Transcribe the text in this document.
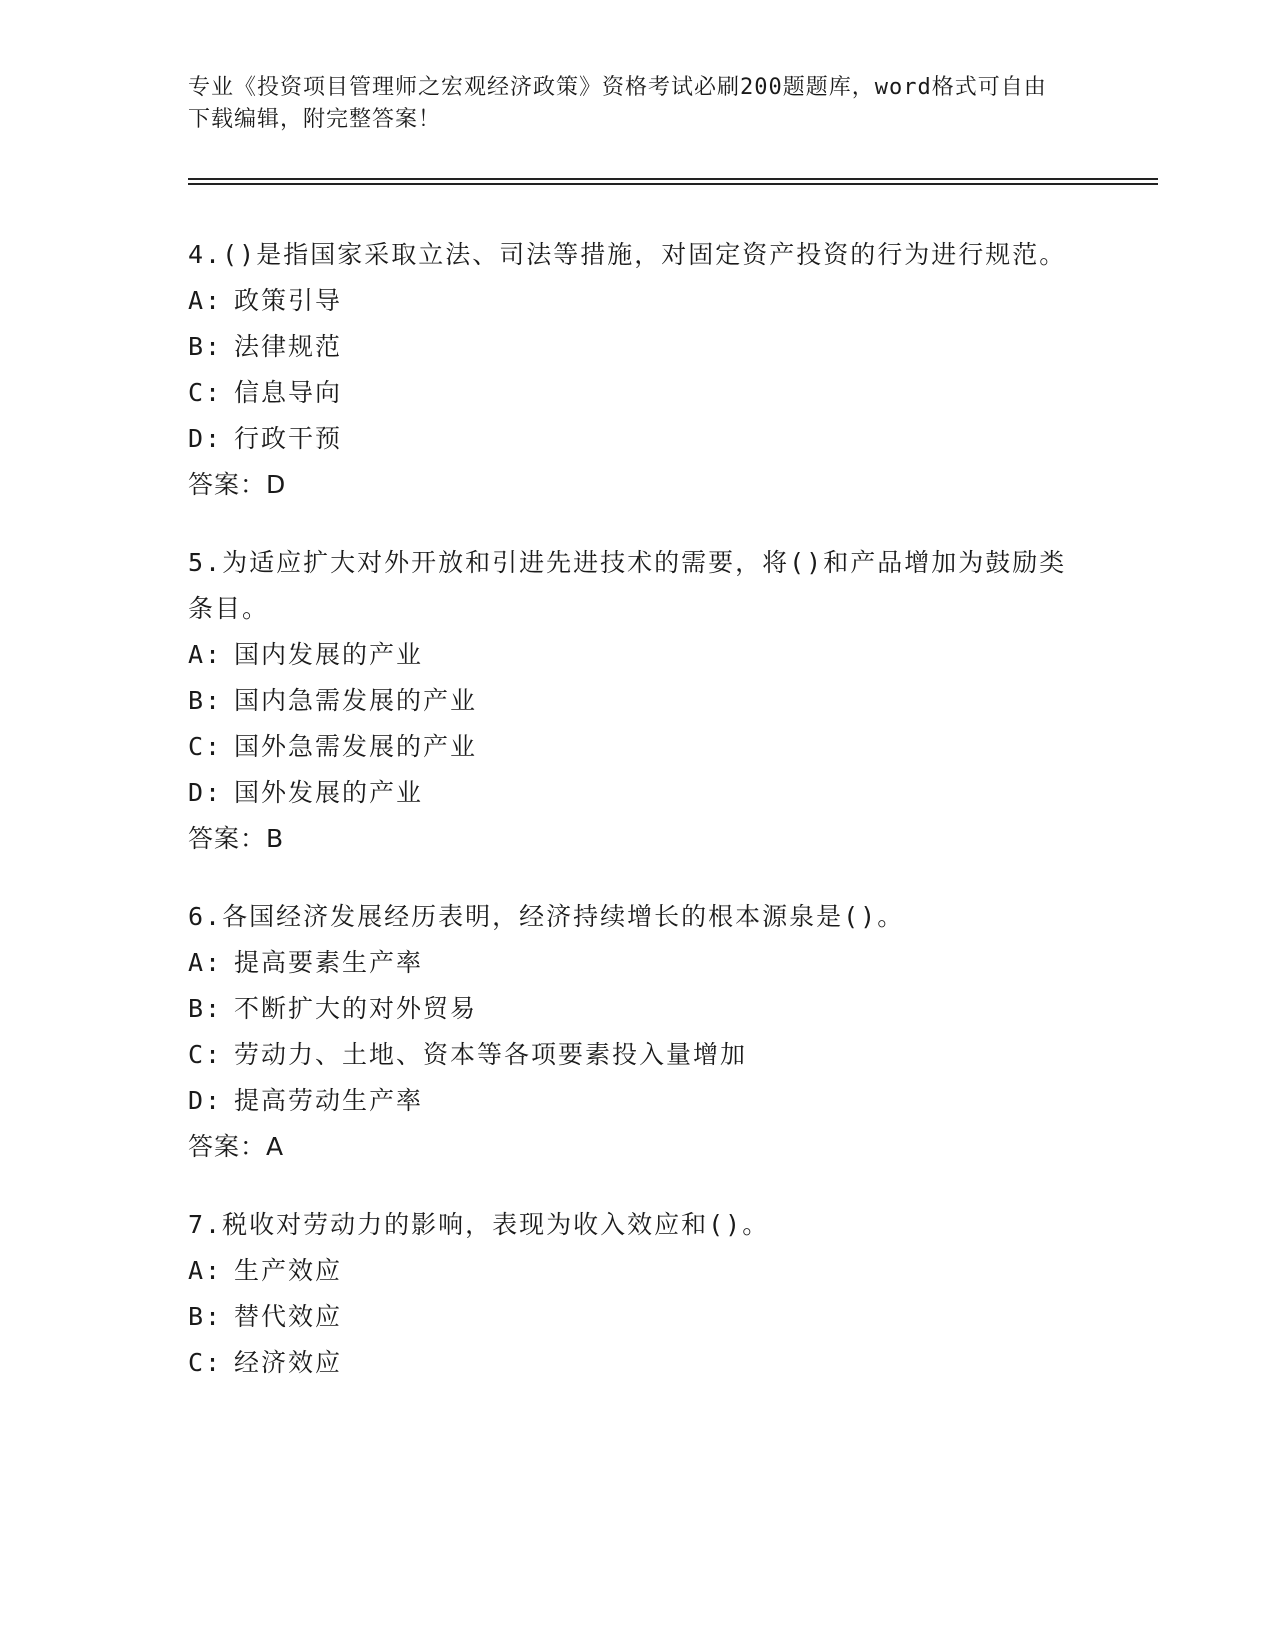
专业《投资项目管理师之宏观经济政策》资格考试必刷200题题库，word格式可自由下载编辑，附完整答案！
4.()是指国家采取立法、司法等措施，对固定资产投资的行为进行规范。
A: 政策引导
B: 法律规范
C: 信息导向
D: 行政干预
答案：D
5.为适应扩大对外开放和引进先进技术的需要，将()和产品增加为鼓励类条目。
A: 国内发展的产业
B: 国内急需发展的产业
C: 国外急需发展的产业
D: 国外发展的产业
答案：B
6.各国经济发展经历表明，经济持续增长的根本源泉是()。
A: 提高要素生产率
B: 不断扩大的对外贸易
C: 劳动力、土地、资本等各项要素投入量增加
D: 提高劳动生产率
答案：A
7.税收对劳动力的影响，表现为收入效应和()。
A: 生产效应
B: 替代效应
C: 经济效应
